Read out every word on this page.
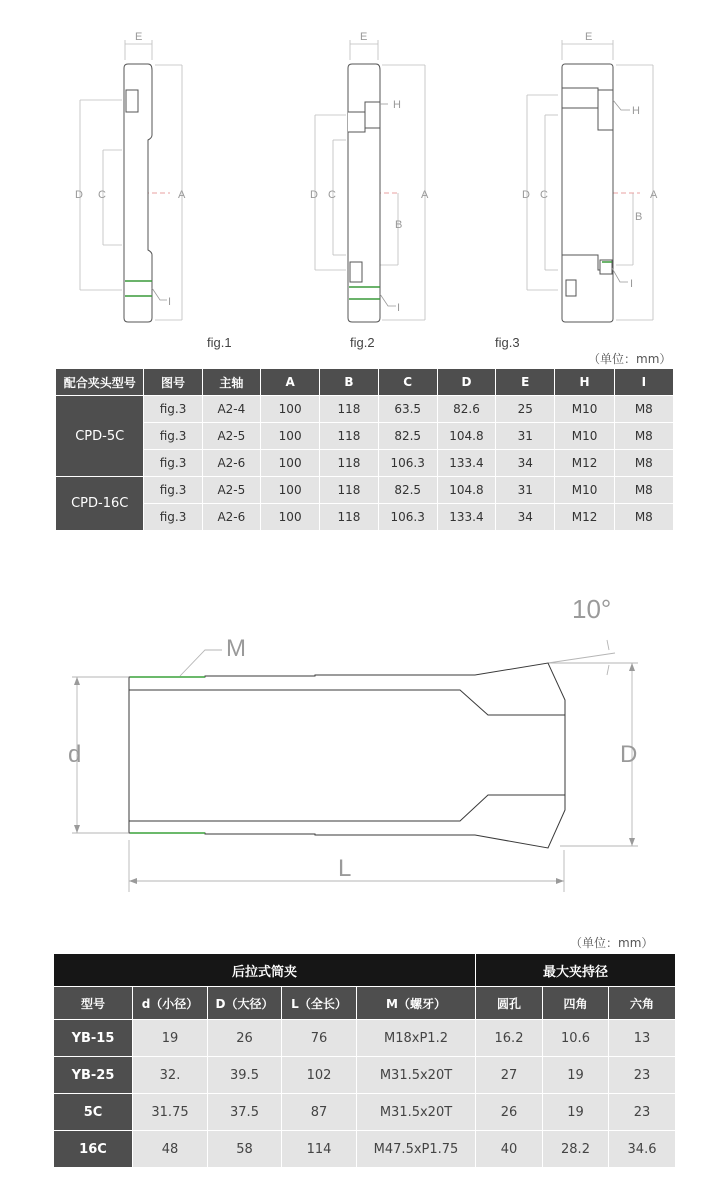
E
D C	A
I
E
D C	A
B
H
I
E
D C	A
B
H
I
fig.1	fig.2	fig.3
（单位：mm）
配合夹头型号	图号	主轴	A	B	C	D	E	H	I
CPD-5C	fig.3	A2-4	100	118	63.5	82.6	25	M10	M8
	fig.3	A2-5	100	118	82.5	104.8	31	M10	M8
	fig.3	A2-6	100	118	106.3	133.4	34	M12	M8
CPD-16C	fig.3	A2-5	100	118	82.5	104.8	31	M10	M8
	fig.3	A2-6	100	118	106.3	133.4	34	M12	M8
10°
M
d	D
L
（单位：mm）
后拉式筒夹					最大夹持径		
型号	d（小径）	D（大径）	L（全长）	M（螺牙）	圆孔	四角	六角
YB-15	19	26	76	M18xP1.2	16.2	10.6	13
YB-25	32.	39.5	102	M31.5x20T	27	19	23
5C	31.75	37.5	87	M31.5x20T	26	19	23
16C	48	58	114	M47.5xP1.75	40	28.2	34.6
